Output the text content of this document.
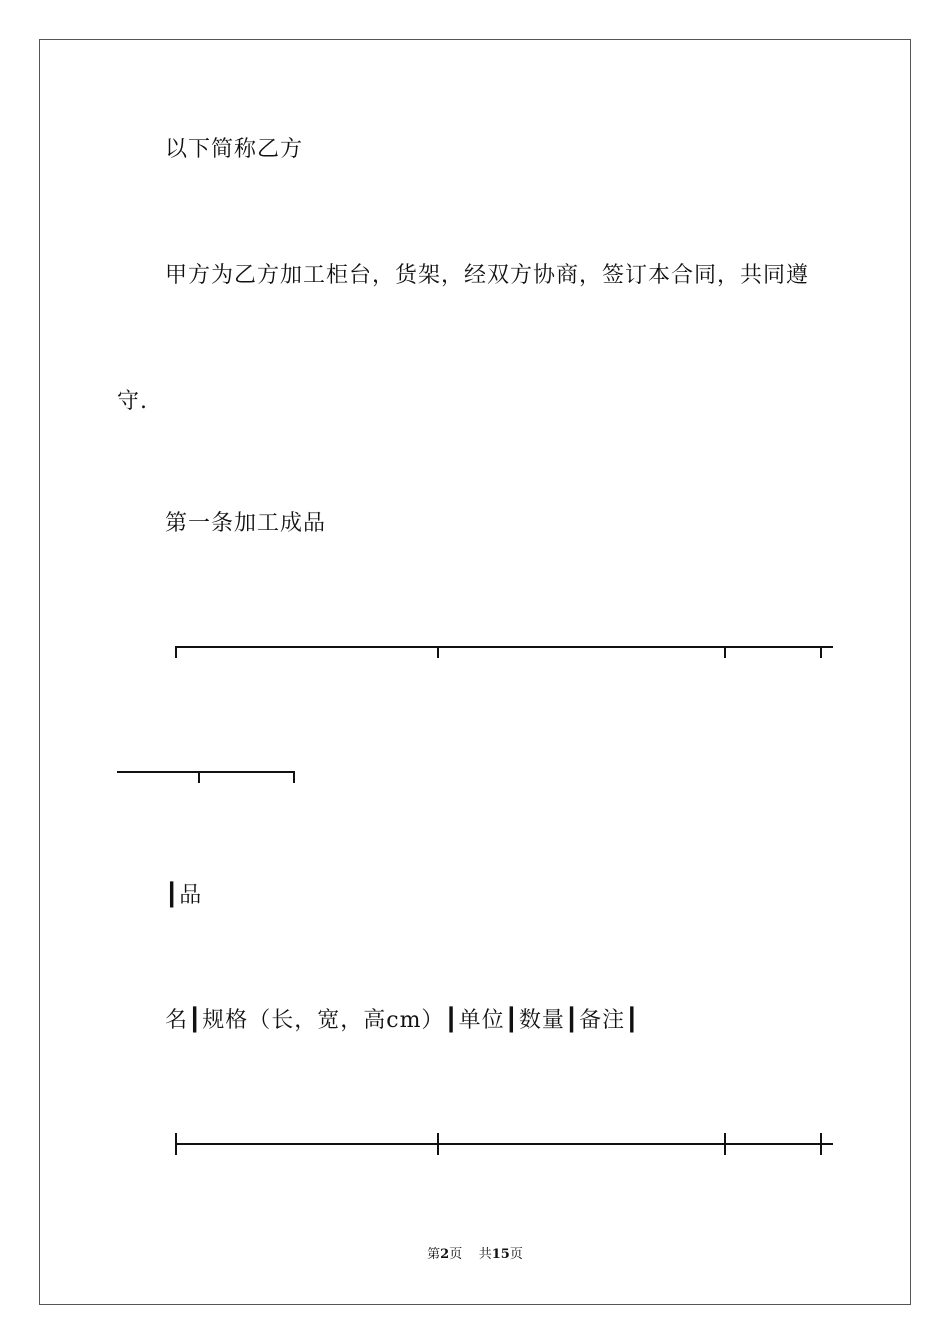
以下简称乙方
甲方为乙方加工柜台，货架，经双方协商，签订本合同，共同遵
守.
第一条加工成品
┃品
名┃规格（长，宽，高cm）┃单位┃数量┃备注┃
第2页 共15页
